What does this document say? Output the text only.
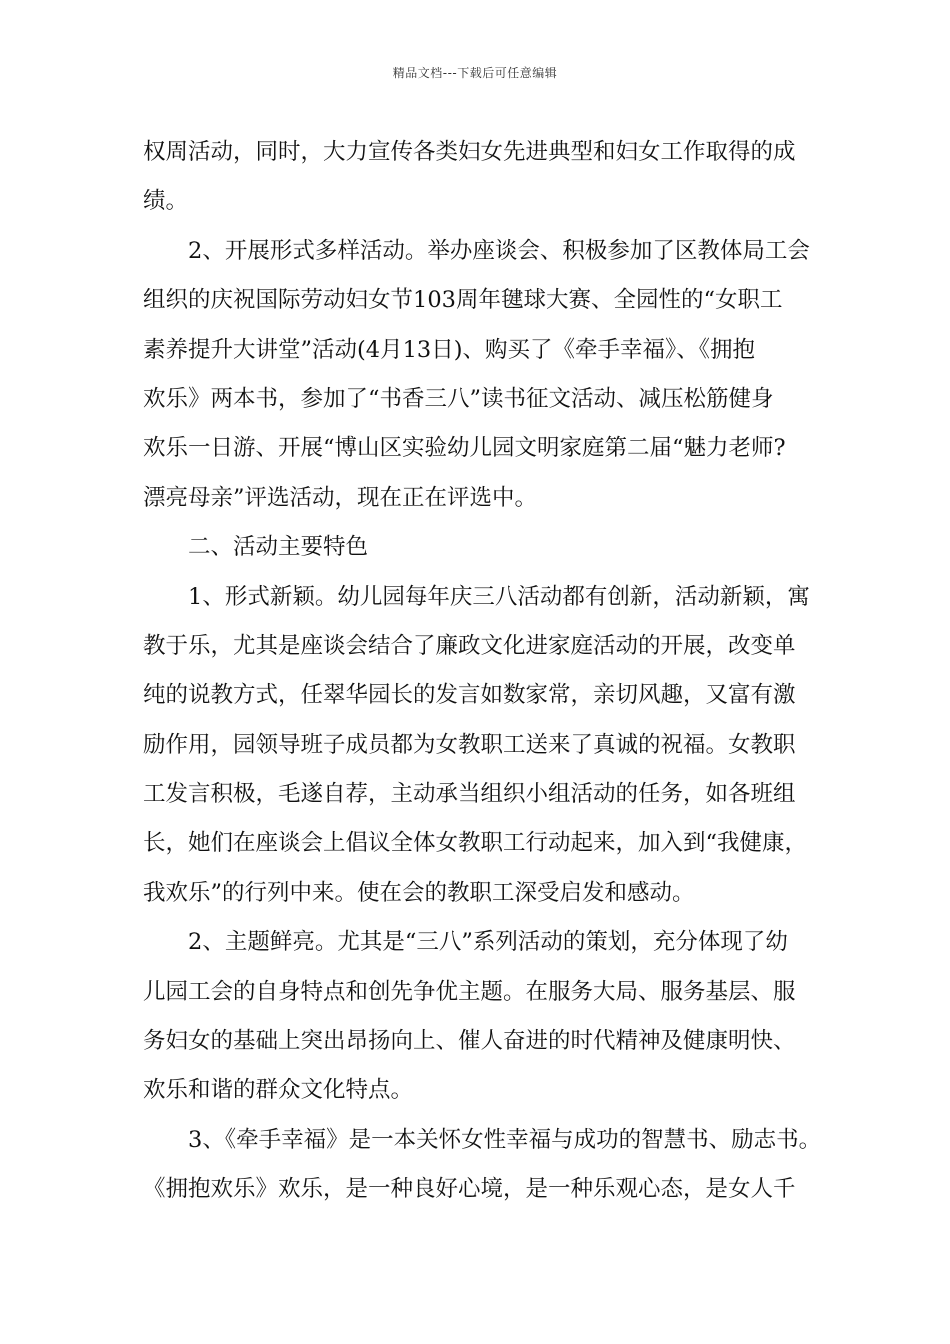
精品文档---下载后可任意编辑
权周活动，同时，大力宣传各类妇女先进典型和妇女工作取得的成
绩。
2、开展形式多样活动。举办座谈会、积极参加了区教体局工会
组织的庆祝国际劳动妇女节103周年毽球大赛、全园性的“女职工
素养提升大讲堂”活动(4月13日)、购买了《牵手幸福》、《拥抱
欢乐》两本书，参加了“书香三八”读书征文活动、减压松筋健身
欢乐一日游、开展“博山区实验幼儿园文明家庭第二届“魅力老师?
漂亮母亲”评选活动，现在正在评选中。
二、活动主要特色
1、形式新颖。幼儿园每年庆三八活动都有创新，活动新颖，寓
教于乐，尤其是座谈会结合了廉政文化进家庭活动的开展，改变单
纯的说教方式，任翠华园长的发言如数家常，亲切风趣，又富有激
励作用，园领导班子成员都为女教职工送来了真诚的祝福。女教职
工发言积极，毛遂自荐，主动承当组织小组活动的任务，如各班组
长，她们在座谈会上倡议全体女教职工行动起来，加入到“我健康，
我欢乐”的行列中来。使在会的教职工深受启发和感动。
2、主题鲜亮。尤其是“三八”系列活动的策划，充分体现了幼
儿园工会的自身特点和创先争优主题。在服务大局、服务基层、服
务妇女的基础上突出昂扬向上、催人奋进的时代精神及健康明快、
欢乐和谐的群众文化特点。
3、《牵手幸福》是一本关怀女性幸福与成功的智慧书、励志书。
《拥抱欢乐》欢乐，是一种良好心境，是一种乐观心态，是女人千
